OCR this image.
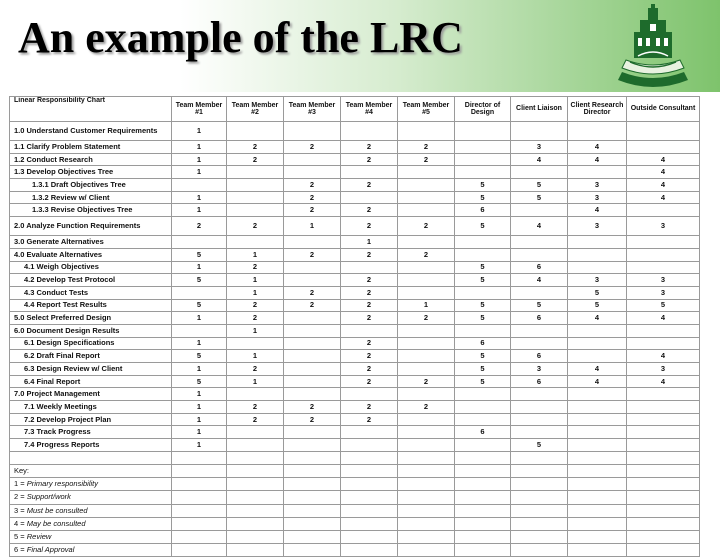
An example of the LRC
Linear Responsibility Chart	Team Member #1	Team Member #2	Team Member #3	Team Member #4	Team Member #5	Director of Design	Client Liaison	Client Research Director	Outside Consultant
1.0 Understand Customer Requirements	1								
1.1 Clarify Problem Statement	1	2	2	2	2		3	4	
1.2 Conduct Research	1	2		2	2		4	4	4
1.3 Develop Objectives Tree	1								4
1.3.1 Draft Objectives Tree			2	2		5	5	3	4
1.3.2 Review w/ Client	1		2			5	5	3	4
1.3.3 Revise Objectives Tree	1		2	2		6		4	
2.0 Analyze Function Requirements	2	2	1	2	2	5	4	3	3
3.0 Generate Alternatives				1					
4.0 Evaluate Alternatives	5	1	2	2	2				
4.1 Weigh Objectives	1	2				5	6		
4.2 Develop Test Protocol	5	1		2		5	4	3	3
4.3 Conduct Tests		1	2	2				5	3
4.4 Report Test Results	5	2	2	2	1	5	5	5	5
5.0 Select Preferred Design	1	2		2	2	5	6	4	4
6.0 Document Design Results		1							
6.1 Design Specifications	1			2		6			
6.2 Draft Final Report	5	1		2		5	6		4
6.3 Design Review w/ Client	1	2		2		5	3	4	3
6.4 Final Report	5	1		2	2	5	6	4	4
7.0 Project Management	1								
7.1 Weekly Meetings	1	2	2	2	2				
7.2 Develop Project Plan	1	2	2	2					
7.3 Track Progress	1					6			
7.4 Progress Reports	1						5		

Key:									
1 = Primary responsibility									
2 = Support/work									
3 = Must be consulted									
4 = May be consulted									
5 = Review									
6 = Final Approval									
